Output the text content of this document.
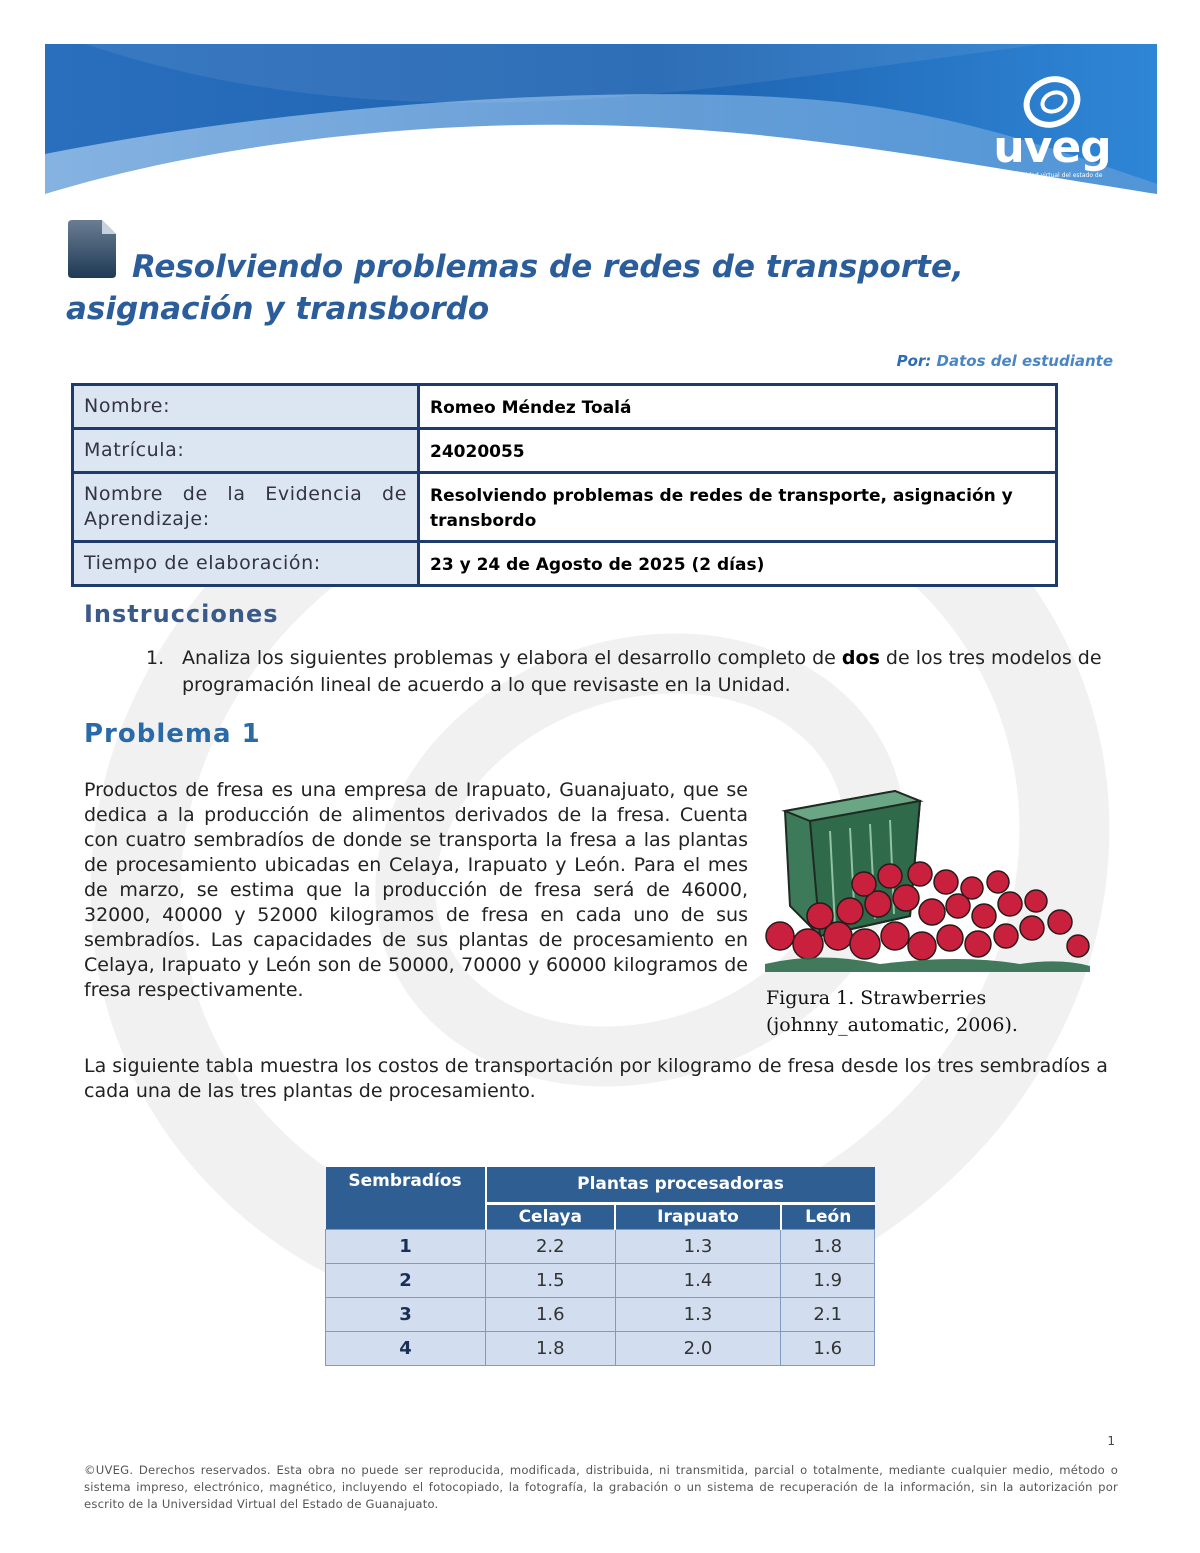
uveg
universidad virtual del estado de guanajuato
Resolviendo problemas de redes de transporte,
asignación y transbordo
Por: Datos del estudiante
Nombre:	Romeo Méndez Toalá
Matrícula:	24020055
Nombre de la Evidencia de Aprendizaje:	Resolviendo problemas de redes de transporte, asignación y transbordo
Tiempo de elaboración:	23 y 24 de Agosto de 2025 (2 días)
Instrucciones
1. Analiza los siguientes problemas y elabora el desarrollo completo de dos de los tres modelos de programación lineal de acuerdo a lo que revisaste en la Unidad.
Problema 1
Productos de fresa es una empresa de Irapuato, Guanajuato, que se dedica a la producción de alimentos derivados de la fresa. Cuenta con cuatro sembradíos de donde se transporta la fresa a las plantas de procesamiento ubicadas en Celaya, Irapuato y León. Para el mes de marzo, se estima que la producción de fresa será de 46000, 32000, 40000 y 52000 kilogramos de fresa en cada uno de sus sembradíos. Las capacidades de sus plantas de procesamiento en Celaya, Irapuato y León son de 50000, 70000 y 60000 kilogramos de fresa respectivamente.	Figura 1. Strawberries
(johnny_automatic, 2006).
La siguiente tabla muestra los costos de transportación por kilogramo de fresa desde los tres sembradíos a cada una de las tres plantas de procesamiento.
Sembradíos	Plantas procesadoras		
	Celaya	Irapuato	León
1	2.2	1.3	1.8
2	1.5	1.4	1.9
3	1.6	1.3	2.1
4	1.8	2.0	1.6
1
©UVEG. Derechos reservados. Esta obra no puede ser reproducida, modificada, distribuida, ni transmitida, parcial o totalmente, mediante cualquier medio, método o sistema impreso, electrónico, magnético, incluyendo el fotocopiado, la fotografía, la grabación o un sistema de recuperación de la información, sin la autorización por escrito de la Universidad Virtual del Estado de Guanajuato.
